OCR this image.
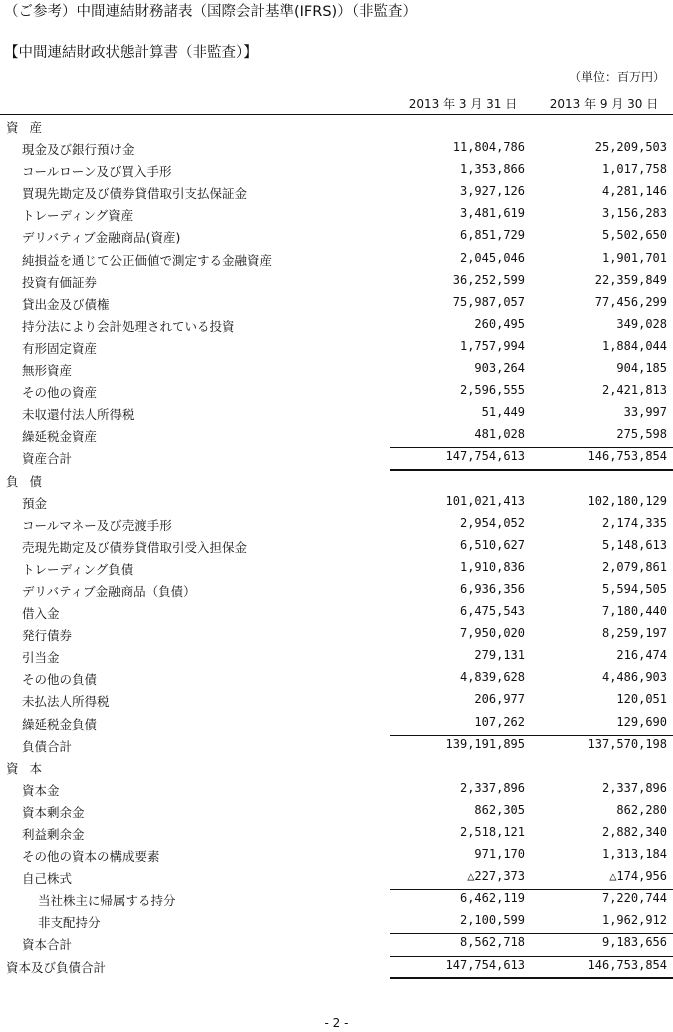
（ご参考）中間連結財務諸表（国際会計基準(IFRS)）（非監査）
【中間連結財政状態計算書（非監査）】
（単位：百万円）
2013 年 3 月 31 日	2013 年 9 月 30 日
資産
現金及び銀行預け金	11,804,786	25,209,503
コールローン及び買入手形	1,353,866	1,017,758
買現先勘定及び債券貸借取引支払保証金	3,927,126	4,281,146
トレーディング資産	3,481,619	3,156,283
デリバティブ金融商品(資産)	6,851,729	5,502,650
純損益を通じて公正価値で測定する金融資産	2,045,046	1,901,701
投資有価証券	36,252,599	22,359,849
貸出金及び債権	75,987,057	77,456,299
持分法により会計処理されている投資	260,495	349,028
有形固定資産	1,757,994	1,884,044
無形資産	903,264	904,185
その他の資産	2,596,555	2,421,813
未収還付法人所得税	51,449	33,997
繰延税金資産	481,028	275,598
資産合計	147,754,613	146,753,854
負債
預金	101,021,413	102,180,129
コールマネー及び売渡手形	2,954,052	2,174,335
売現先勘定及び債券貸借取引受入担保金	6,510,627	5,148,613
トレーディング負債	1,910,836	2,079,861
デリバティブ金融商品（負債）	6,936,356	5,594,505
借入金	6,475,543	7,180,440
発行債券	7,950,020	8,259,197
引当金	279,131	216,474
その他の負債	4,839,628	4,486,903
未払法人所得税	206,977	120,051
繰延税金負債	107,262	129,690
負債合計	139,191,895	137,570,198
資本
資本金	2,337,896	2,337,896
資本剰余金	862,305	862,280
利益剰余金	2,518,121	2,882,340
その他の資本の構成要素	971,170	1,313,184
自己株式	△227,373	△174,956
当社株主に帰属する持分	6,462,119	7,220,744
非支配持分	2,100,599	1,962,912
資本合計	8,562,718	9,183,656
資本及び負債合計	147,754,613	146,753,854
- 2 -
